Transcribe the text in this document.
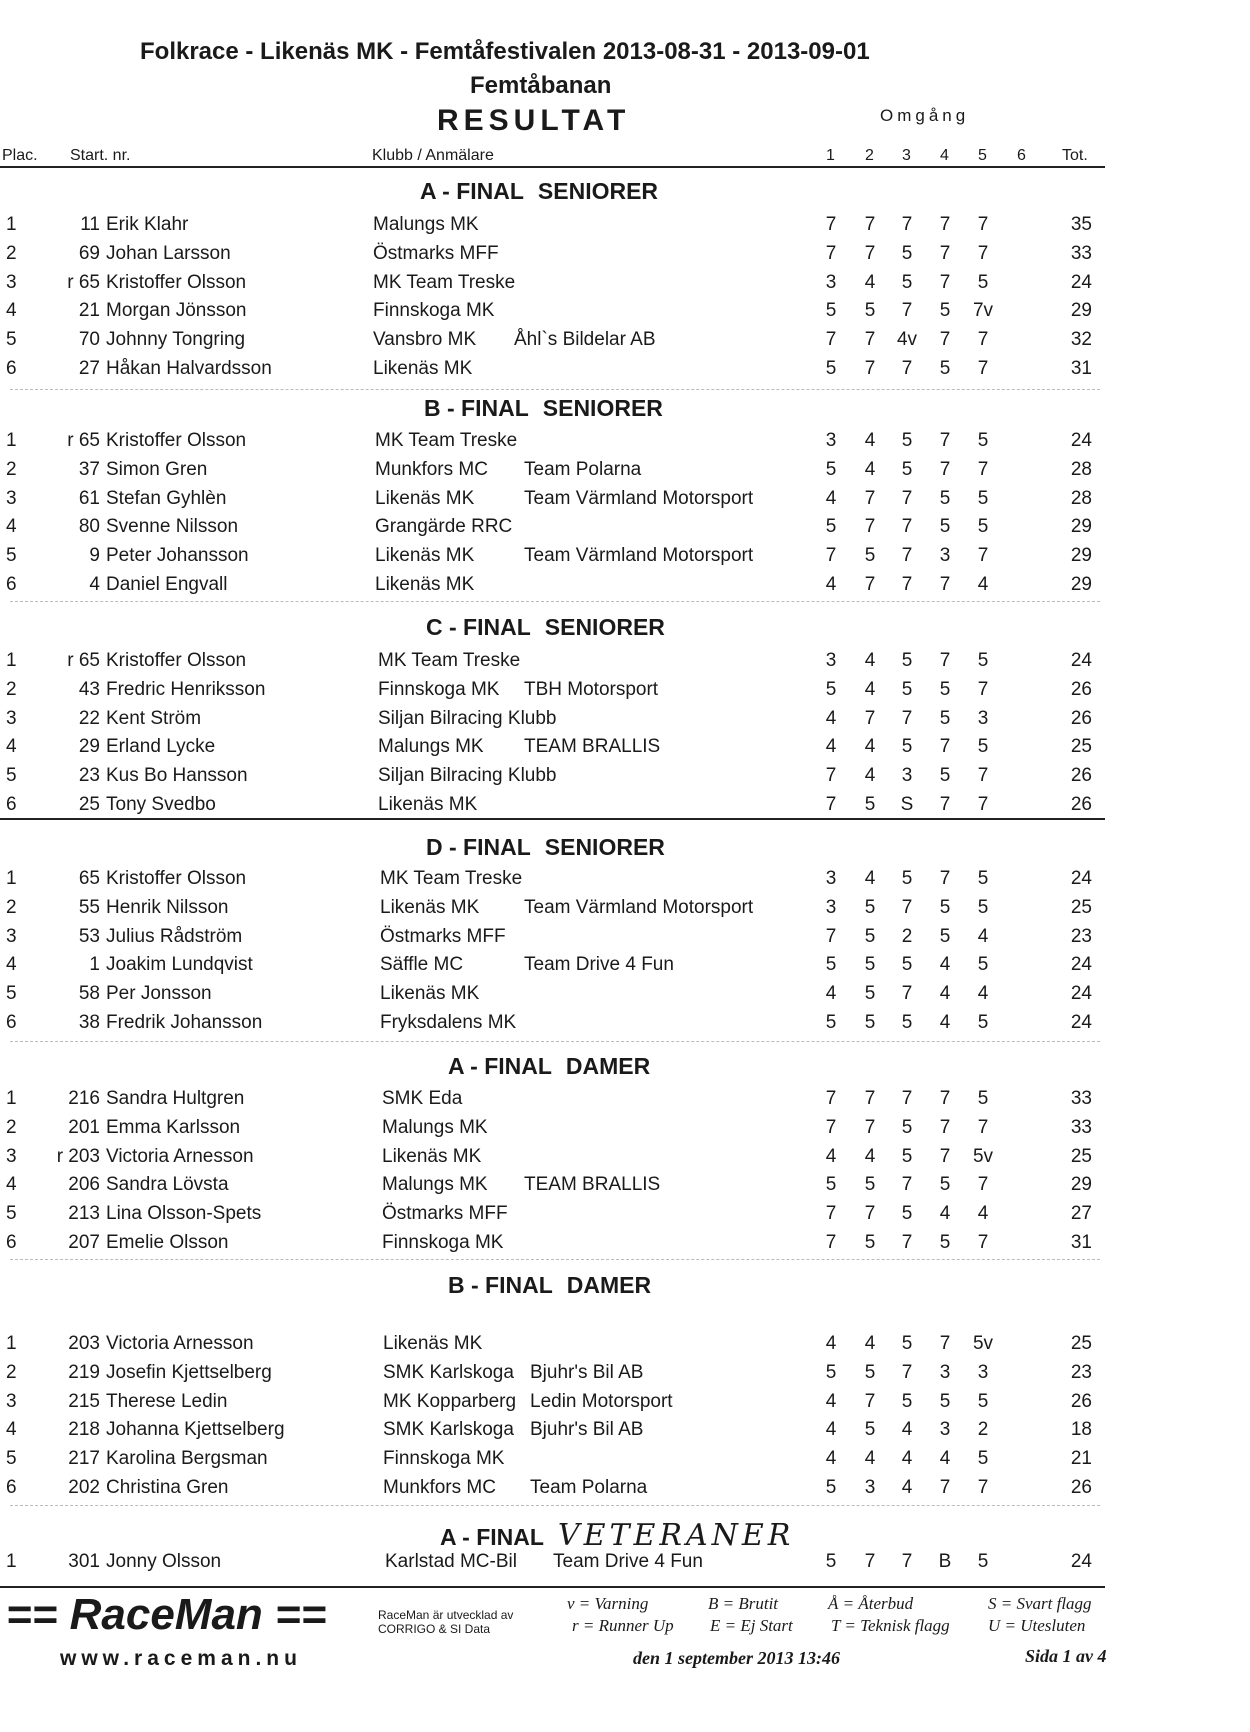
Folkrace - Likenäs MK - Femtåfestivalen 2013-08-31 - 2013-09-01
Femtåbanan
RESULTAT	Omgång
Plac. Start. nr.	Klubb / Anmälare	1 2 3 4 5 6 Tot.
A - FINAL SENIORER
1	11 Erik Klahr	Malungs MK	7	7	7	7	7	35
2	69 Johan Larsson	Östmarks MFF	7	7	5	7	7	33
3	r 65 Kristoffer Olsson	MK Team Treske	3	4	5	7	5	24
4	21 Morgan Jönsson	Finnskoga MK	5	5	7	5	7v	29
5	70 Johnny Tongring	Vansbro MK Åhl`s Bildelar AB	7	7	4v	7	7	32
6	27 Håkan Halvardsson	Likenäs MK	5	7	7	5	7	31
B - FINAL SENIORER
1	r 65 Kristoffer Olsson	MK Team Treske	3	4	5	7	5	24
2	37 Simon Gren	Munkfors MC Team Polarna	5	4	5	7	7	28
3	61 Stefan Gyhlèn	Likenäs MK	Team Värmland Motorsport	4	7	7	5	5	28
4	80 Svenne Nilsson	Grangärde RRC	5	7	7	5	5	29
5	9 Peter Johansson	Likenäs MK	Team Värmland Motorsport	7	5	7	3	7	29
6	4 Daniel Engvall	Likenäs MK	4	7	7	7	4	29
C - FINAL SENIORER
1	r 65 Kristoffer Olsson	MK Team Treske	3	4	5	7	5	24
2	43 Fredric Henriksson	Finnskoga MK TBH Motorsport	5	4	5	5	7	26
3	22 Kent Ström	Siljan Bilracing Klubb	4	7	7	5	3	26
4	29 Erland Lycke	Malungs MK TEAM BRALLIS	4	4	5	7	5	25
5	23 Kus Bo Hansson	Siljan Bilracing Klubb	7	4	3	5	7	26
6	25 Tony Svedbo	Likenäs MK	7	5	S	7	7	26
D - FINAL SENIORER
1	65 Kristoffer Olsson	MK Team Treske	3	4	5	7	5	24
2	55 Henrik Nilsson	Likenäs MK Team Värmland Motorsport	3	5	7	5	5	25
3	53 Julius Rådström	Östmarks MFF	7	5	2	5	4	23
4	1 Joakim Lundqvist	Säffle MC	Team Drive 4 Fun	5	5	5	4	5	24
5	58 Per Jonsson	Likenäs MK	4	5	7	4	4	24
6	38 Fredrik Johansson	Fryksdalens MK	5	5	5	4	5	24
A - FINAL DAMER
1	216 Sandra Hultgren	SMK Eda	7	7	7	7	5	33
2	201 Emma Karlsson	Malungs MK	7	7	5	7	7	33
3 r 203 Victoria Arnesson	Likenäs MK	4	4	5	7	5v	25
4	206 Sandra Lövsta	Malungs MK TEAM BRALLIS	5	5	7	5	7	29
5	213 Lina Olsson-Spets	Östmarks MFF	7	7	5	4	4	27
6	207 Emelie Olsson	Finnskoga MK	7	5	7	5	7	31
B - FINAL DAMER
1	203 Victoria Arnesson	Likenäs MK	4	4	5	7	5v	25
2	219 Josefin Kjettselberg	SMK Karlskoga Bjuhr's Bil AB	5	5	7	3	3	23
3	215 Therese Ledin	MK Kopparberg Ledin Motorsport	4	7	5	5	5	26
4	218 Johanna Kjettselberg	SMK Karlskoga Bjuhr's Bil AB	4	5	4	3	2	18
5	217 Karolina Bergsman	Finnskoga MK	4	4	4	4	5	21
6	202 Christina Gren	Munkfors MC Team Polarna	5	3	4	7	7	26
A - FINAL VETERANER
1	301 Jonny Olsson	Karlstad MC-Bil Team Drive 4 Fun	5	7	7	B	5	24
== RaceMan ==
www.raceman.nu
RaceMan är utvecklad av
CORRIGO & SI Data
v = Varning	B = Brutit	Å = Återbud	S = Svart flagg
r = Runner Up E = Ej Start T = Teknisk flagg U = Utesluten
den 1 september 2013 13:46	Sida 1 av 4
